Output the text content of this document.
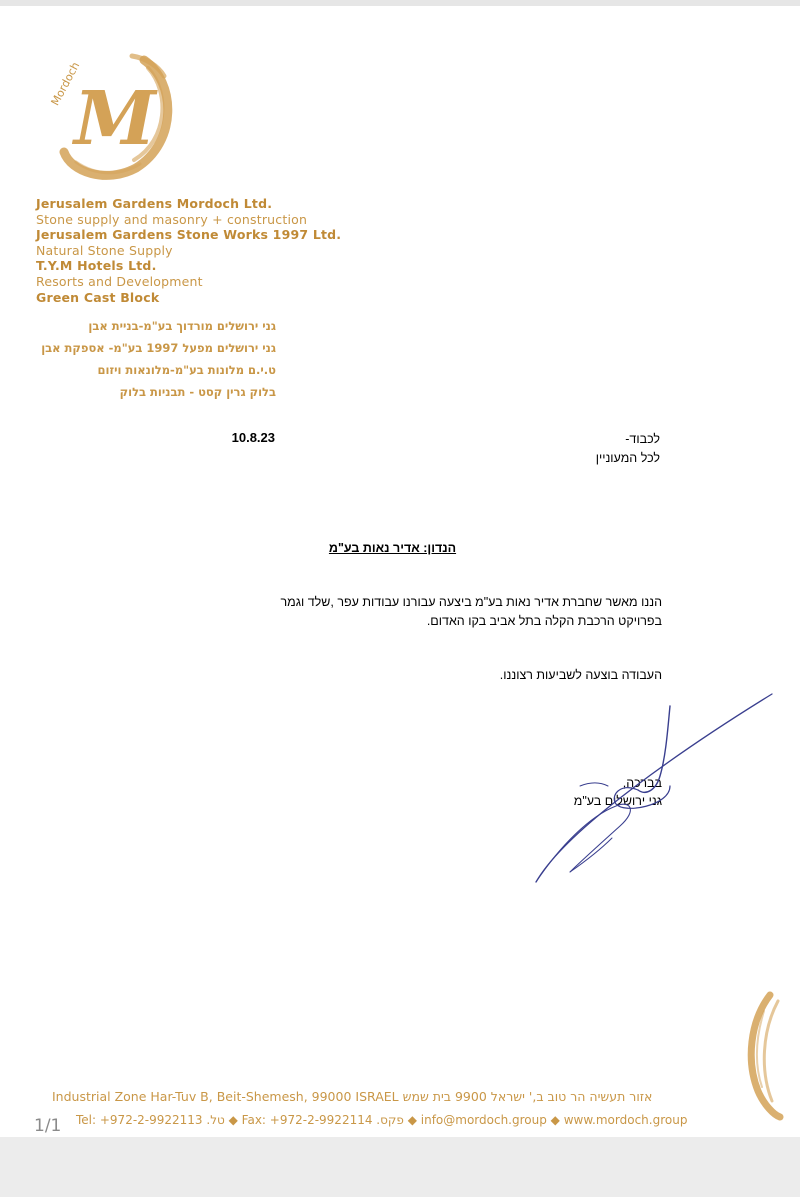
M
Mordoch
Jerusalem Gardens Mordoch Ltd.
Stone supply and masonry + construction
Jerusalem Gardens Stone Works 1997 Ltd.
Natural Stone Supply
T.Y.M Hotels Ltd.
Resorts and Development
Green Cast Block
גני ירושלים מורדוך בע"מ-בניית אבן
גני ירושלים מפעל 1997 בע"מ- אספקת אבן
ט.י.ם מלונות בע"מ-מלונאות ויזום
בלוק גרין קסט - תבניות בלוק
10.8.23	לכבוד-
לכל המעוניין
הנדון: אדיר נאות בע"מ
הננו מאשר שחברת אדיר נאות בע"מ ביצעה עבורנו עבודות עפר ,שלד וגמר
בפרויקט הרכבת הקלה בתל אביב בקו האדום.
העבודה בוצעה לשביעות רצוננו.
בברכה,
גני ירושלים בע"מ
Industrial Zone Har-Tuv B, Beit-Shemesh, 99000 ISRAEL אזור תעשיה הר טוב ב,' ישראל 9900 בית שמש
Tel: +972-2-9922113 .טל ◆ Fax: +972-2-9922114 .פקס ◆ info@mordoch.group ◆ www.mordoch.group
1/1
